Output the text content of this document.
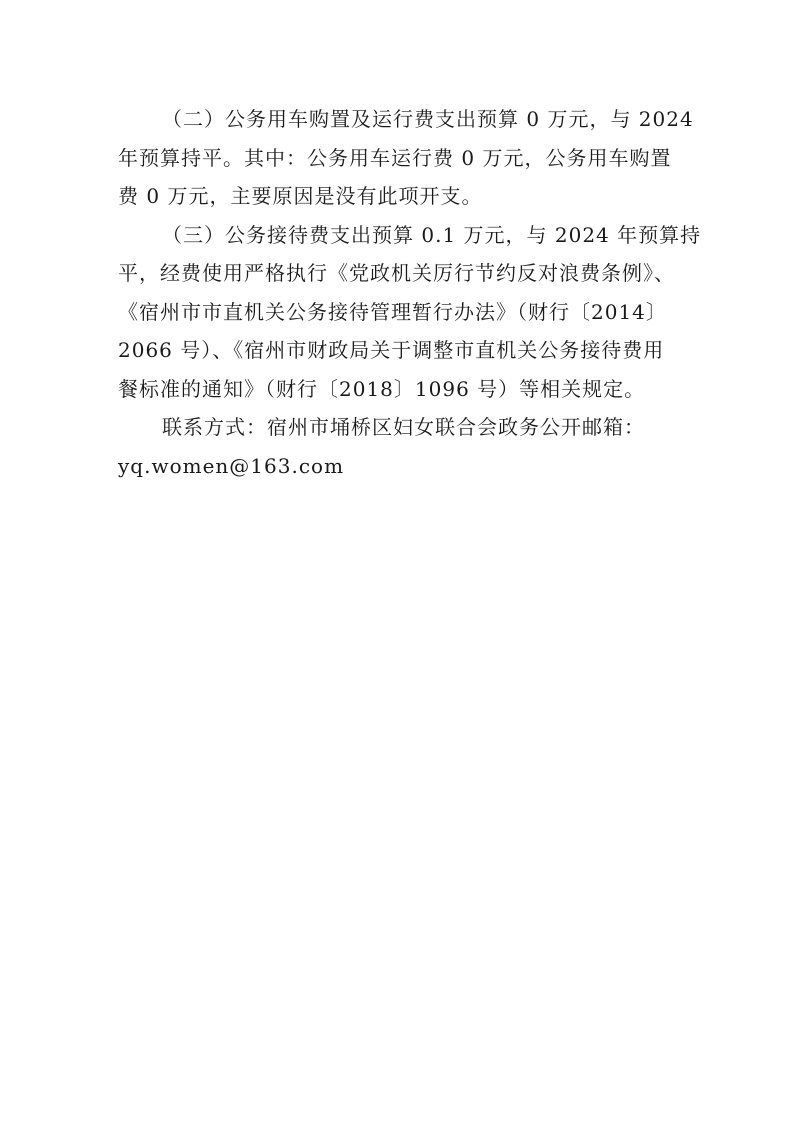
（二）公务用车购置及运行费支出预算 0 万元，与 2024
年预算持平。其中：公务用车运行费 0 万元，公务用车购置
费 0 万元，主要原因是没有此项开支。

（三）公务接待费支出预算 0.1 万元，与 2024 年预算持
平，经费使用严格执行《党政机关厉行节约反对浪费条例》、
《宿州市市直机关公务接待管理暂行办法》（财行〔2014〕
2066 号）、《宿州市财政局关于调整市直机关公务接待费用
餐标准的通知》（财行〔2018〕1096 号）等相关规定。

联系方式：宿州市埇桥区妇女联合会政务公开邮箱：
yq.women@163.com
